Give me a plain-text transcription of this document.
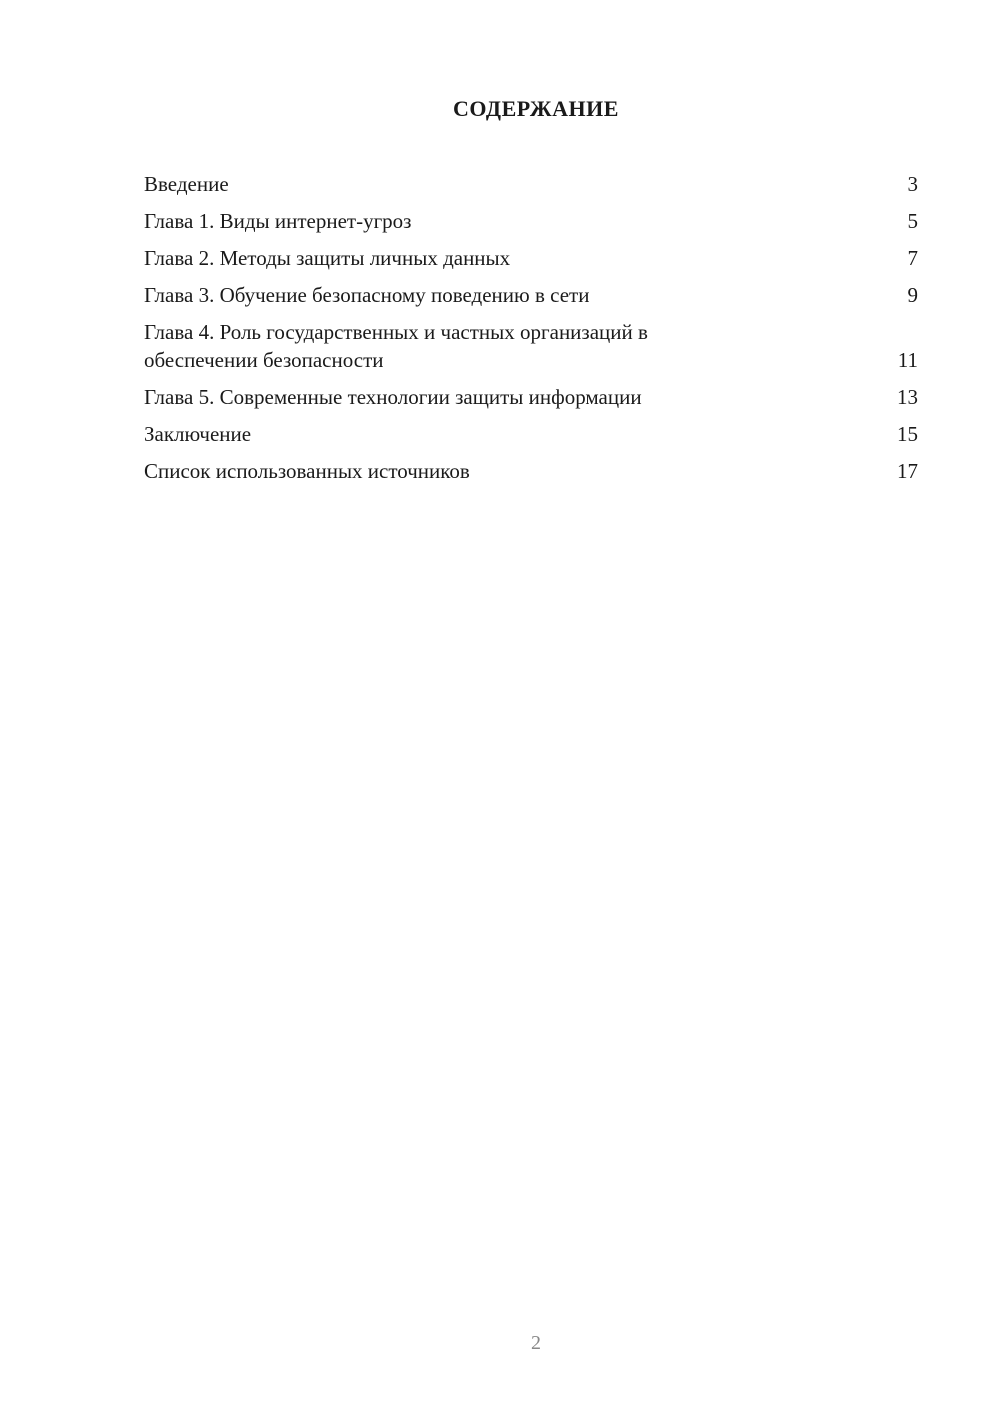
СОДЕРЖАНИЕ
Введение	3
Глава 1. Виды интернет-угроз	5
Глава 2. Методы защиты личных данных	7
Глава 3. Обучение безопасному поведению в сети	9
Глава 4. Роль государственных и частных организаций в обеспечении безопасности	11
Глава 5. Современные технологии защиты информации	13
Заключение	15
Список использованных источников	17
2
